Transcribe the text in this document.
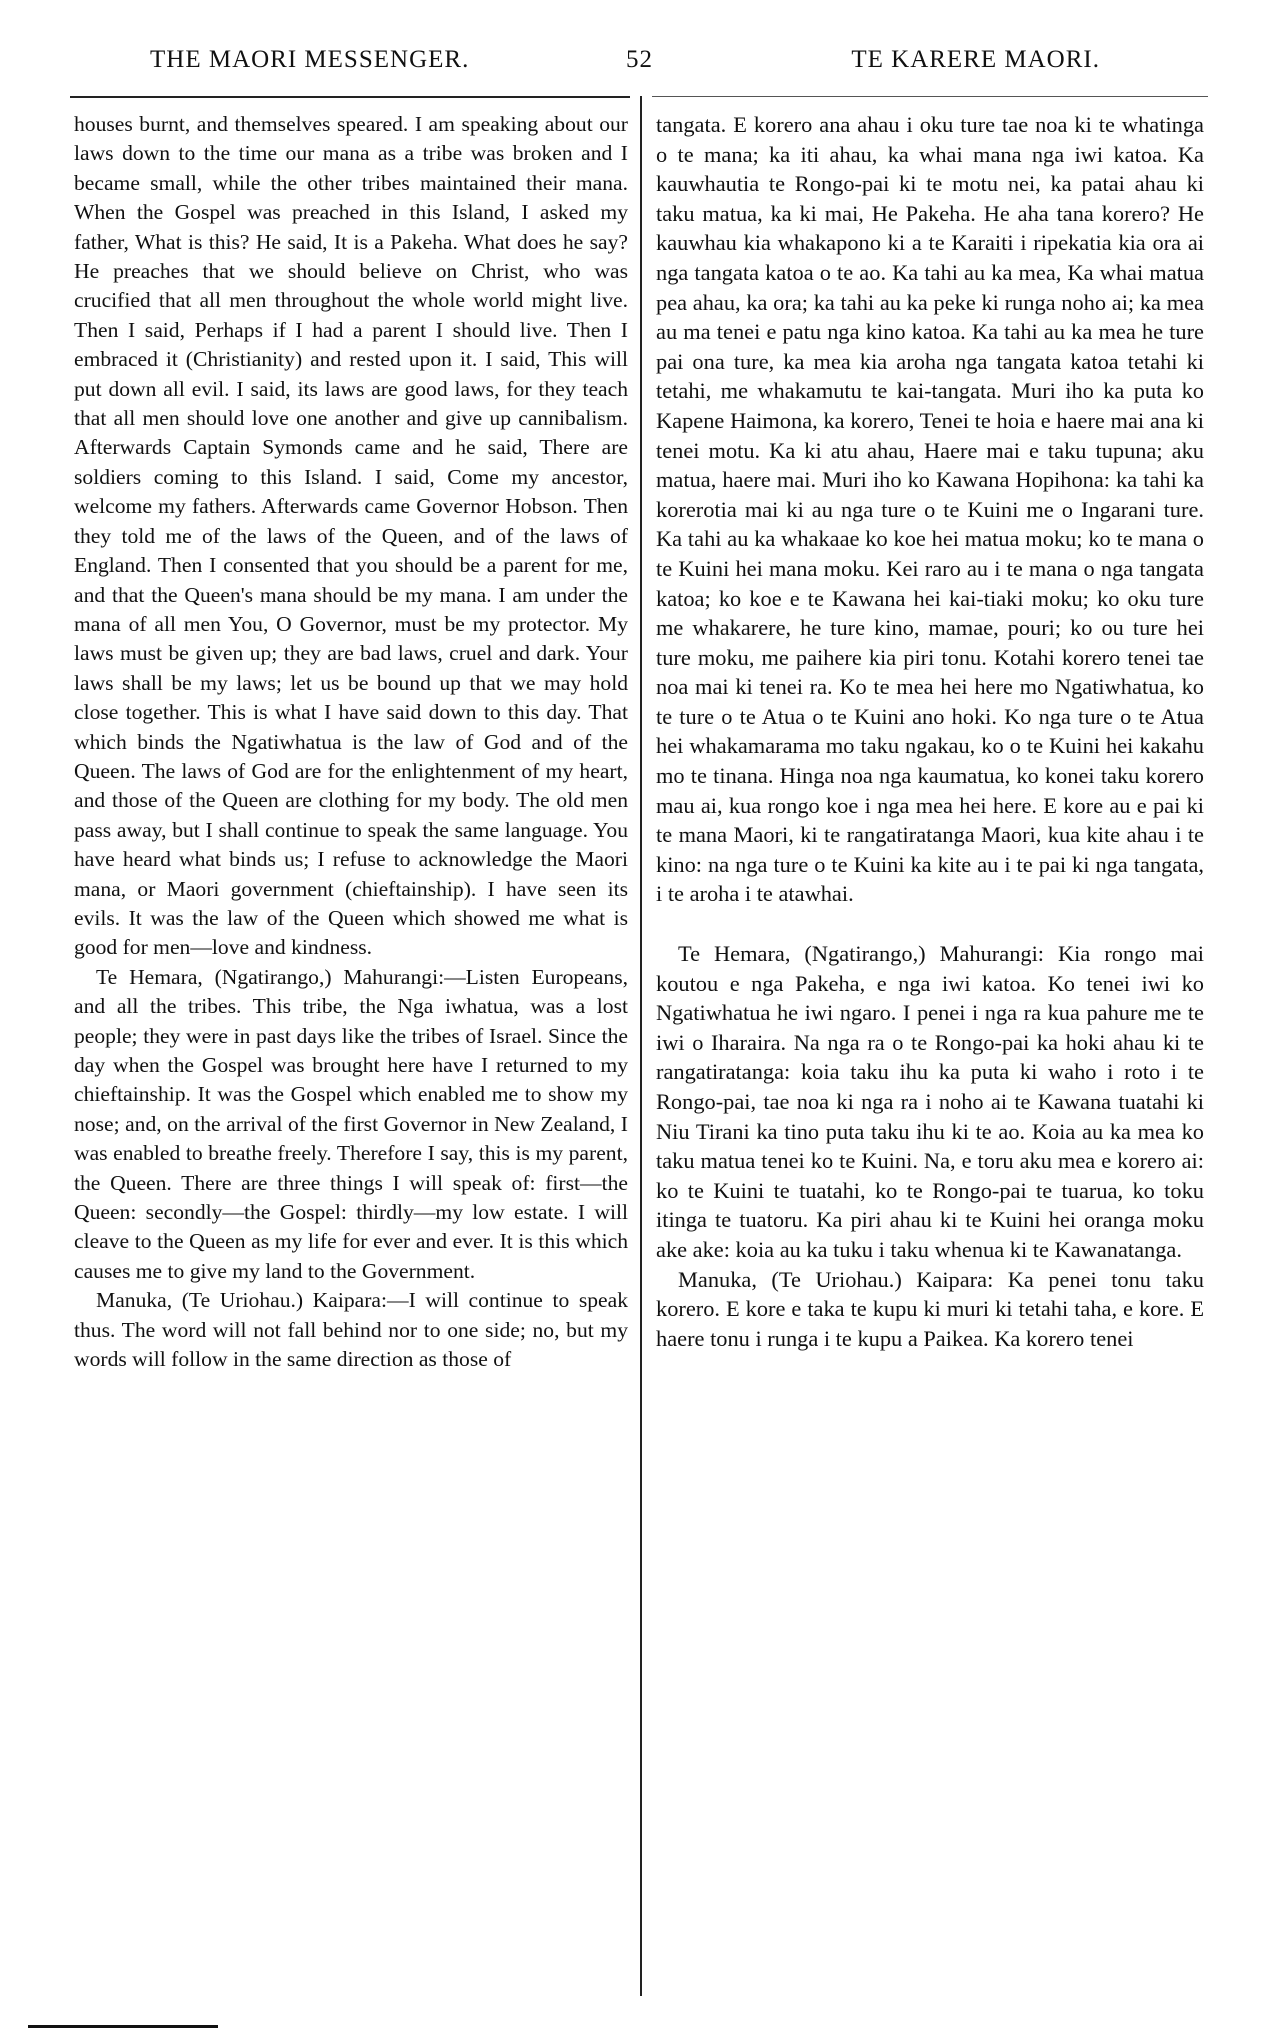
THE MAORI MESSENGER.	52	TE KARERE MAORI.

houses burnt, and themselves speared. I am speaking about our laws down to the time our mana as a tribe was broken and I became small, while the other tribes maintained their mana. When the Gospel was preached in this Island, I asked my father, What is this? He said, It is a Pakeha. What does he say? He preaches that we should believe on Christ, who was crucified that all men throughout the whole world might live. Then I said, Perhaps if I had a parent I should live. Then I embraced it (Christianity) and rested upon it. I said, This will put down all evil. I said, its laws are good laws, for they teach that all men should love one another and give up cannibalism. Afterwards Captain Symonds came and he said, There are soldiers coming to this Island. I said, Come my ancestor, welcome my fathers. Afterwards came Governor Hobson. Then they told me of the laws of the Queen, and of the laws of England. Then I consented that you should be a parent for me, and that the Queen's mana should be my mana. I am under the mana of all men You, O Governor, must be my protector. My laws must be given up; they are bad laws, cruel and dark. Your laws shall be my laws; let us be bound up that we may hold close together. This is what I have said down to this day. That which binds the Ngatiwhatua is the law of God and of the Queen. The laws of God are for the enlightenment of my heart, and those of the Queen are clothing for my body. The old men pass away, but I shall continue to speak the same language. You have heard what binds us; I refuse to acknowledge the Maori mana, or Maori government (chieftainship). I have seen its evils. It was the law of the Queen which showed me what is good for men—love and kindness.

Te Hemara, (Ngatirango,) Mahurangi:—Listen Europeans, and all the tribes. This tribe, the Nga iwhatua, was a lost people; they were in past days like the tribes of Israel. Since the day when the Gospel was brought here have I returned to my chieftainship. It was the Gospel which enabled me to show my nose; and, on the arrival of the first Governor in New Zealand, I was enabled to breathe freely. Therefore I say, this is my parent, the Queen. There are three things I will speak of: first—the Queen: secondly—the Gospel: thirdly—my low estate. I will cleave to the Queen as my life for ever and ever. It is this which causes me to give my land to the Government.

Manuka, (Te Uriohau.) Kaipara:—I will continue to speak thus. The word will not fall behind nor to one side; no, but my words will follow in the same direction as those of

tangata. E korero ana ahau i oku ture tae noa ki te whatinga o te mana; ka iti ahau, ka whai mana nga iwi katoa. Ka kauwhautia te Rongo-pai ki te motu nei, ka patai ahau ki taku matua, ka ki mai, He Pakeha. He aha tana korero? He kauwhau kia whakapono ki a te Karaiti i ripekatia kia ora ai nga tangata katoa o te ao. Ka tahi au ka mea, Ka whai matua pea ahau, ka ora; ka tahi au ka peke ki runga noho ai; ka mea au ma tenei e patu nga kino katoa. Ka tahi au ka mea he ture pai ona ture, ka mea kia aroha nga tangata katoa tetahi ki tetahi, me whakamutu te kai-tangata. Muri iho ka puta ko Kapene Haimona, ka korero, Tenei te hoia e haere mai ana ki tenei motu. Ka ki atu ahau, Haere mai e taku tupuna; aku matua, haere mai. Muri iho ko Kawana Hopihona: ka tahi ka korerotia mai ki au nga ture o te Kuini me o Ingarani ture. Ka tahi au ka whakaae ko koe hei matua moku; ko te mana o te Kuini hei mana moku. Kei raro au i te mana o nga tangata katoa; ko koe e te Kawana hei kai-tiaki moku; ko oku ture me whakarere, he ture kino, mamae, pouri; ko ou ture hei ture moku, me paihere kia piri tonu. Kotahi korero tenei tae noa mai ki tenei ra. Ko te mea hei here mo Ngatiwhatua, ko te ture o te Atua o te Kuini ano hoki. Ko nga ture o te Atua hei whakamarama mo taku ngakau, ko o te Kuini hei kakahu mo te tinana. Hinga noa nga kaumatua, ko konei taku korero mau ai, kua rongo koe i nga mea hei here. E kore au e pai ki te mana Maori, ki te rangatiratanga Maori, kua kite ahau i te kino: na nga ture o te Kuini ka kite au i te pai ki nga tangata, i te aroha i te atawhai.

Te Hemara, (Ngatirango,) Mahurangi: Kia rongo mai koutou e nga Pakeha, e nga iwi katoa. Ko tenei iwi ko Ngatiwhatua he iwi ngaro. I penei i nga ra kua pahure me te iwi o Iharaira. Na nga ra o te Rongo-pai ka hoki ahau ki te rangatiratanga: koia taku ihu ka puta ki waho i roto i te Rongo-pai, tae noa ki nga ra i noho ai te Kawana tuatahi ki Niu Tirani ka tino puta taku ihu ki te ao. Koia au ka mea ko taku matua tenei ko te Kuini. Na, e toru aku mea e korero ai: ko te Kuini te tuatahi, ko te Rongo-pai te tuarua, ko toku itinga te tuatoru. Ka piri ahau ki te Kuini hei oranga moku ake ake: koia au ka tuku i taku whenua ki te Kawanatanga.

Manuka, (Te Uriohau.) Kaipara: Ka penei tonu taku korero. E kore e taka te kupu ki muri ki tetahi taha, e kore. E haere tonu i runga i te kupu a Paikea. Ka korero tenei
